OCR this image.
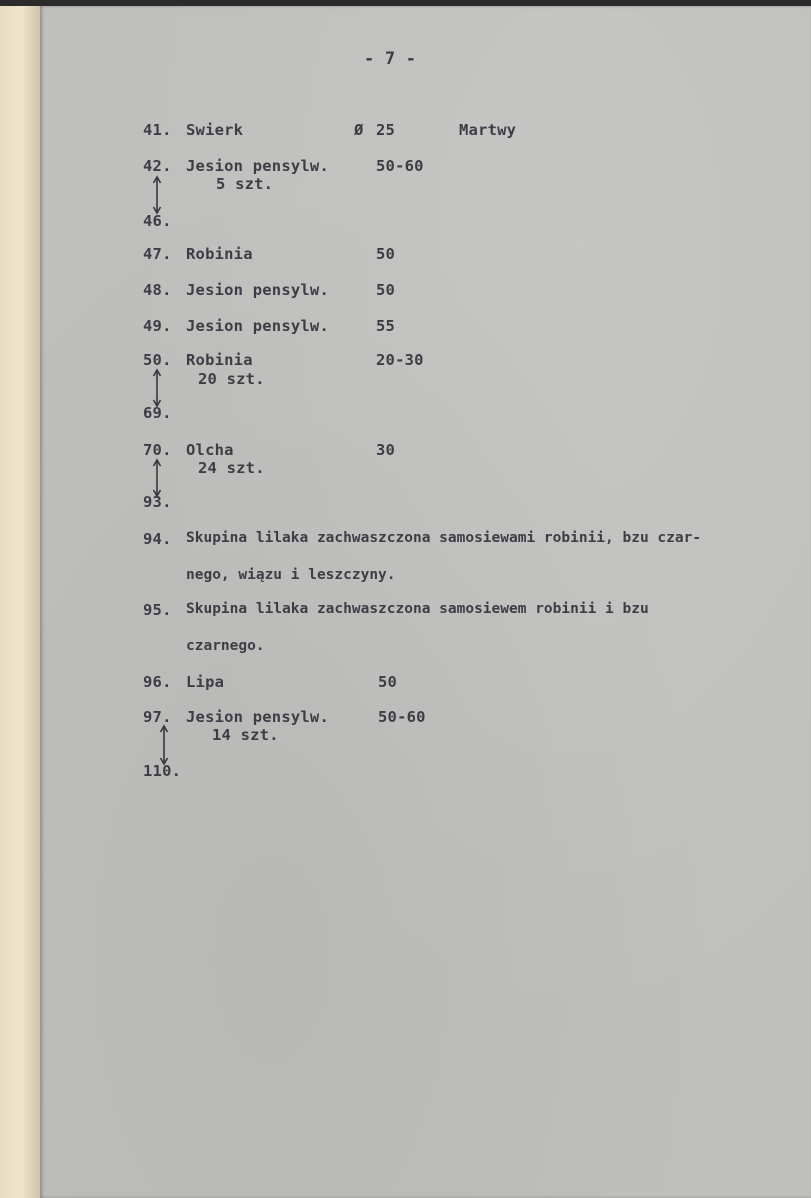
- 7 -
41. Swierk	Ø 25	Martwy
42. Jesion pensylw.	50-60
5 szt.
46.
47. Robinia	50
48. Jesion pensylw.	50
49. Jesion pensylw.	55
50. Robinia	20-30
20 szt.
69.
70. Olcha	30
24 szt.
93.
94. Skupina lilaka zachwaszczona samosiewami robinii, bzu czar-
nego, wiązu i leszczyny.
95. Skupina lilaka zachwaszczona samosiewem robinii i bzu
czarnego.
96. Lipa	50
97. Jesion pensylw.	50-60
14 szt.
110.
